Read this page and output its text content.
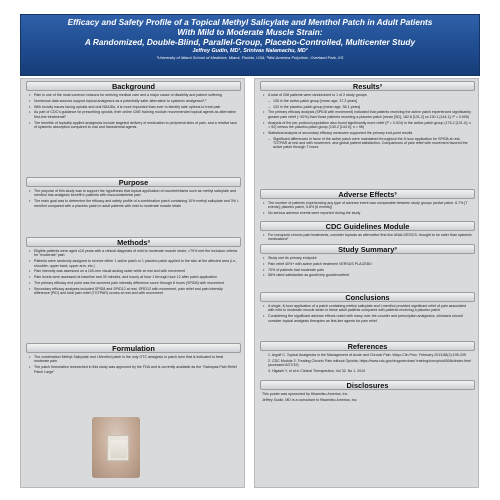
Efficacy and Safety Profile of a Topical Methyl Salicylate and Menthol Patch in Adult Patients
With Mild to Moderate Muscle Strain:
A Randomized, Double-Blind, Parallel-Group, Placebo-Controlled, Multicenter Study
Jeffrey Gudin, MD¹, Srinivas Nalamachu, MD²
¹University of Miami School of Medicine, Miami, Florida, USA; ²Mid-America Polyclinic, Overland Park, KS
Background
• Pain is one of the most common reasons for seeking medical care and a major cause of disability and patient suffering
• Numerous data sources support topical analgesics as a potentially safer alternative to systemic analgesics¹,²
• With toxicity issues facing opioids and oral NSAIDs, it is more important than ever to identify safe options to treat pain
• As part of CDC's guidance for prescribing opioids, their online CME training module recommended topical agents as alternative first-line treatments²
• The benefits of topically applied analgesics include targeted delivery of medication to peripheral sites of pain, and a relative lack of systemic absorption compared to oral and transdermal agents
Purpose
• The purpose of this study was to support the hypothesis that topical application of counterirritants such as methyl salicylate and menthol has analgesic benefit in patients with musculoskeletal pain
• The main goal was to determine the efficacy and safety profile of a combination patch containing 10% methyl salicylate and 3% l-menthol compared with a placebo patch in adult patients with mild to moderate muscle strain
Methods³
• Eligible patients were aged ≥18 years with a clinical diagnosis of mild to moderate muscle strain; >70% met the inclusion criteria for “moderate” pain
• Patients were randomly assigned to receive either 1 active patch or 1 placebo patch applied to the skin at the affected area (i.e., shoulder, upper back, upper arm, etc.)
• Pain intensity was assessed on a 100-mm visual analog scale while at rest and with movement
• Pain levels were assessed at baseline and 30 minutes, and hourly at hour 1 through hour 12 after patch application
• The primary efficacy end point was the summed pain intensity difference score through 8 hours (SPID8) with movement
• Secondary efficacy analyses included SPID8 and SPID12 at rest, SPID12 with movement, pain relief and pain intensity difference (PID) and total pain relief (TOTPAR) scores at rest and with movement
Formulation
• The combination Methyl-Salicylate and l-Menthol patch is the only OTC analgesic in patch form that is indicated to treat moderate pain
• The patch formulation researched in this study was approved by the FDA and is currently available as the “Salonpas Pain Relief Patch Large”
Results³
• A total of 208 patients were randomized to 1 of 2 study groups
– 105 in the active-patch group [mean age, 37.3 years]
– 103 in the placebo-patch group [mean age, 38.1 years]
• The primary efficacy analysis (SPID8 with movement) indicated that patients receiving the active patch experienced significantly greater pain relief (~40%) than those patients receiving a placebo patch (mean [SD], 182.6 [131.2] vs 130.1 [144.1]; P = 0.005)
• Analysis of the per-protocol population also found significantly more relief (P = 0.024) in the active-patch group (176.2 [131.4]; n = 92) versus the placebo-patch group (130.2 [144.0]; n = 96)
• Statistical analysis of secondary efficacy measures supported the primary end-point results
– Significant differences in favor of the active patch were maintained throughout the 8 hour application for SPID8 at rest, TOTPAR at rest and with movement, and global patient satisfaction. Comparisons of pain relief with movement favored the active patch through 7 hours
Adverse Effects³
• The number of patients experiencing any type of adverse event was comparable between study groups (active patch, 6.7% [7 events]; placebo patch, 5.8% [6 events])
• No serious adverse events were reported during the study
CDC Guidelines Module
• For nonopioid chronic pain treatments, consider topicals as alternative first-line ANALGESICS- thought to be safer than systemic medications²
Study Summary³
• Study met its primary endpoint
• Pain relief 40%+ with active patch treatment VERSUS PLACEBO
• 70% of patients had moderate pain
• 58% rated satisfaction as good/very good/excellent
Conclusions
• A single, 8-hour application of a patch containing methyl salicylate and l-menthol provided significant relief of pain associated with mild to moderate muscle strain in these adult patients compared with patients receiving a placebo patch
• Considering the significant adverse effects noted with many over-the-counter and prescription analgesics, clinicians should consider topical analgesic therapies as first-line agents for pain relief
References
1. Argoff C. Topical Analgesics in the Management of Acute and Chronic Pain. Mayo Clin Proc. February 2013;88(2):195-205
2. CDC Module 2: Treating Chronic Pain without Opioids; https://www.cdc.gov/drugoverdose/ training/nonopioid/508c/index.html (accessed 8/27/19)
3. Higashi Y, et al in Clinical Therapeutics, Vol 32. No 1. 2010
Disclosures
This poster was sponsored by Hisamitsu America, Inc.
Jeffrey Gudin, MD is a consultant to Hisamitsu America, Inc.
